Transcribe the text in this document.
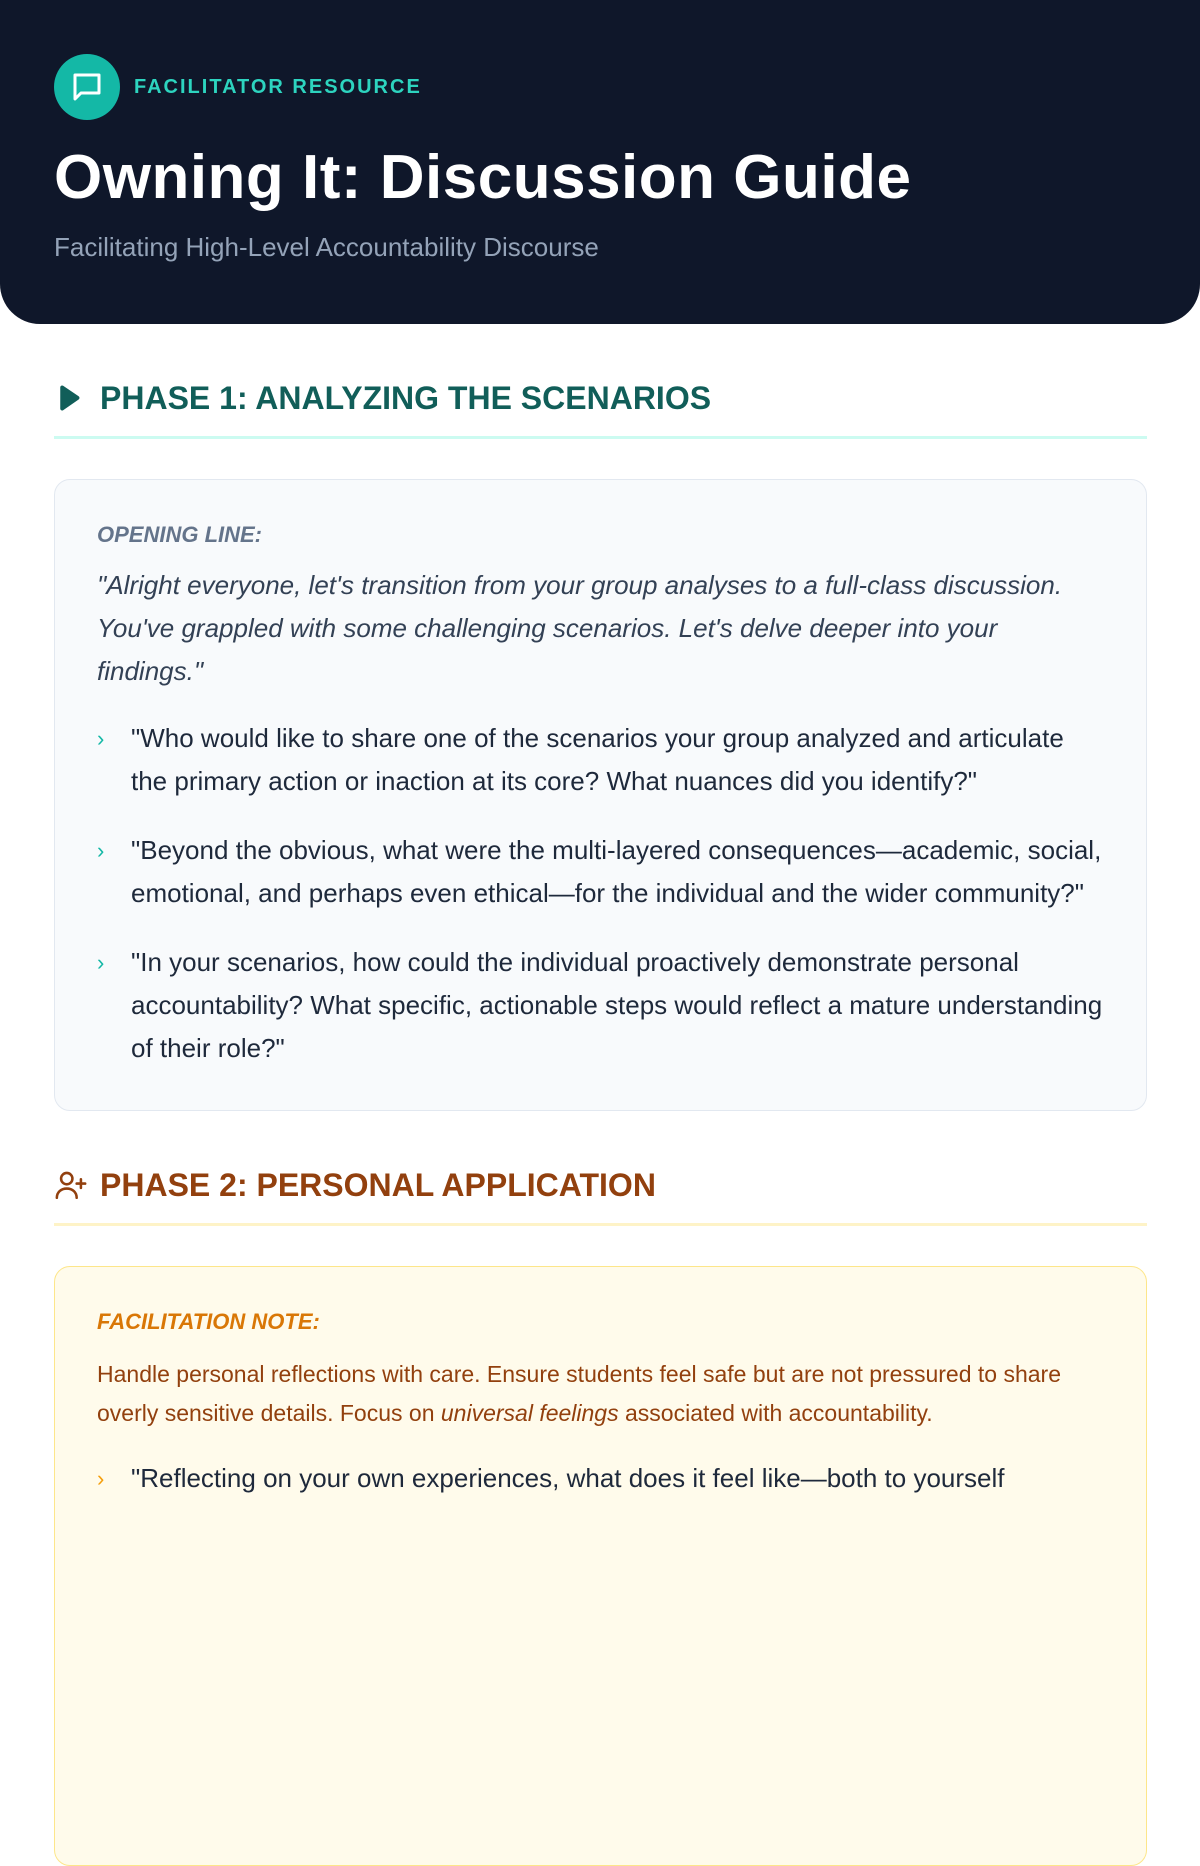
FACILITATOR RESOURCE
Owning It: Discussion Guide

Facilitating High-Level Accountability Discourse

PHASE 1: ANALYZING THE SCENARIOS
OPENING LINE:

"Alright everyone, let's transition from your group analyses to a full-class discussion. You've grappled with some challenging scenarios. Let's delve deeper into your findings."

›	"Who would like to share one of the scenarios your group analyzed and articulate the primary action or inaction at its core? What nuances did you identify?"
›	"Beyond the obvious, what were the multi-layered consequences—academic, social, emotional, and perhaps even ethical—for the individual and the wider community?"
›	"In your scenarios, how could the individual proactively demonstrate personal accountability? What specific, actionable steps would reflect a mature understanding of their role?"
PHASE 2: PERSONAL APPLICATION
FACILITATION NOTE:

Handle personal reflections with care. Ensure students feel safe but are not pressured to share overly sensitive details. Focus on universal feelings associated with accountability.

›	"Reflecting on your own experiences, what does it feel like—both to yourself
